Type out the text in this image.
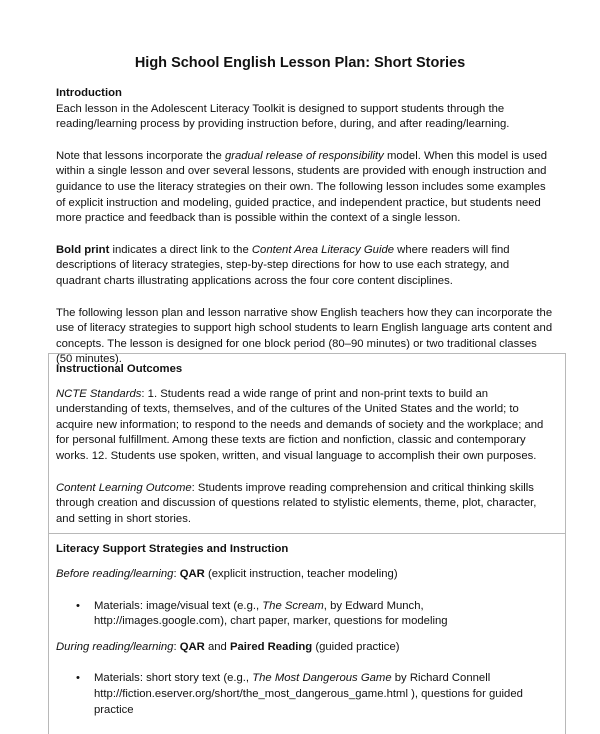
High School English Lesson Plan: Short Stories
Introduction

Each lesson in the Adolescent Literacy Toolkit is designed to support students through the reading/learning process by providing instruction before, during, and after reading/learning.

Note that lessons incorporate the gradual release of responsibility model. When this model is used within a single lesson and over several lessons, students are provided with enough instruction and guidance to use the literacy strategies on their own. The following lesson includes some examples of explicit instruction and modeling, guided practice, and independent practice, but students need more practice and feedback than is possible within the context of a single lesson.

Bold print indicates a direct link to the Content Area Literacy Guide where readers will find descriptions of literacy strategies, step-by-step directions for how to use each strategy, and quadrant charts illustrating applications across the four core content disciplines.

The following lesson plan and lesson narrative show English teachers how they can incorporate the use of literacy strategies to support high school students to learn English language arts content and concepts. The lesson is designed for one block period (80–90 minutes) or two traditional classes (50 minutes).

Instructional Outcomes

NCTE Standards: 1. Students read a wide range of print and non-print texts to build an understanding of texts, themselves, and of the cultures of the United States and the world; to acquire new information; to respond to the needs and demands of society and the workplace; and for personal fulfillment. Among these texts are fiction and nonfiction, classic and contemporary works. 12. Students use spoken, written, and visual language to accomplish their own purposes.

Content Learning Outcome: Students improve reading comprehension and critical thinking skills through creation and discussion of questions related to stylistic elements, theme, plot, character, and setting in short stories.

Literacy Support Strategies and Instruction

Before reading/learning: QAR (explicit instruction, teacher modeling)

• Materials: image/visual text (e.g., The Scream, by Edward Munch, http://images.google.com), chart paper, marker, questions for modeling

During reading/learning: QAR and Paired Reading (guided practice)

• Materials: short story text (e.g., The Most Dangerous Game by Richard Connell http://fiction.eserver.org/short/the_most_dangerous_game.html ), questions for guided practice
